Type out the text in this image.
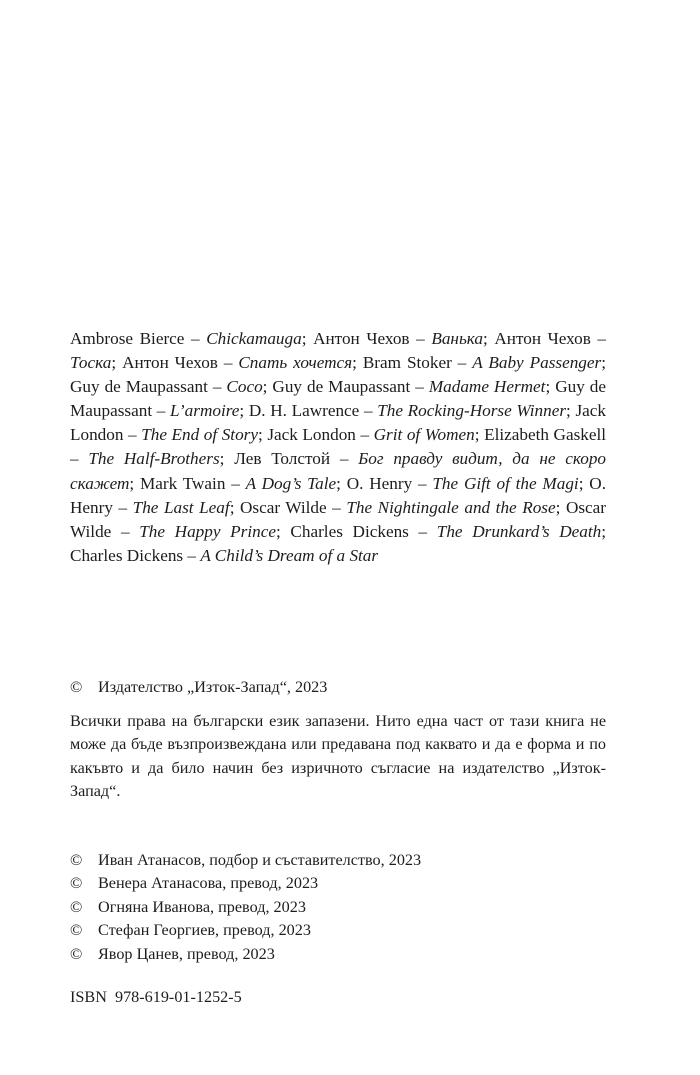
Ambrose Bierce – Chickamauga; Антон Чехов – Ванька; Антон Чехов – Тоска; Антон Чехов – Спать хочется; Bram Stoker – A Baby Passenger; Guy de Maupassant – Coco; Guy de Maupassant – Madame Hermet; Guy de Maupassant – L’armoire; D. H. Lawrence – The Rocking-Horse Winner; Jack London – The End of Story; Jack London – Grit of Women; Elizabeth Gaskell – The Half-Brothers; Лев Толстой – Бог правду видит, да не скоро скажет; Mark Twain – A Dog’s Tale; O. Henry – The Gift of the Magi; O. Henry – The Last Leaf; Oscar Wilde – The Nightingale and the Rose; Oscar Wilde – The Happy Prince; Charles Dickens – The Drunkard’s Death; Charles Dickens – A Child’s Dream of a Star

© Издателство „Изток-Запад“, 2023

Всички права на български език запазени. Нито една част от тази книга не може да бъде възпроизвеждана или предавана под каквато и да е форма и по какъвто и да било начин без изричното съгласие на издателство „Изток-Запад“.

© Иван Атанасов, подбор и съставителство, 2023
© Венера Атанасова, превод, 2023
© Огняна Иванова, превод, 2023
© Стефан Георгиев, превод, 2023
© Явор Цанев, превод, 2023

ISBN  978-619-01-1252-5
